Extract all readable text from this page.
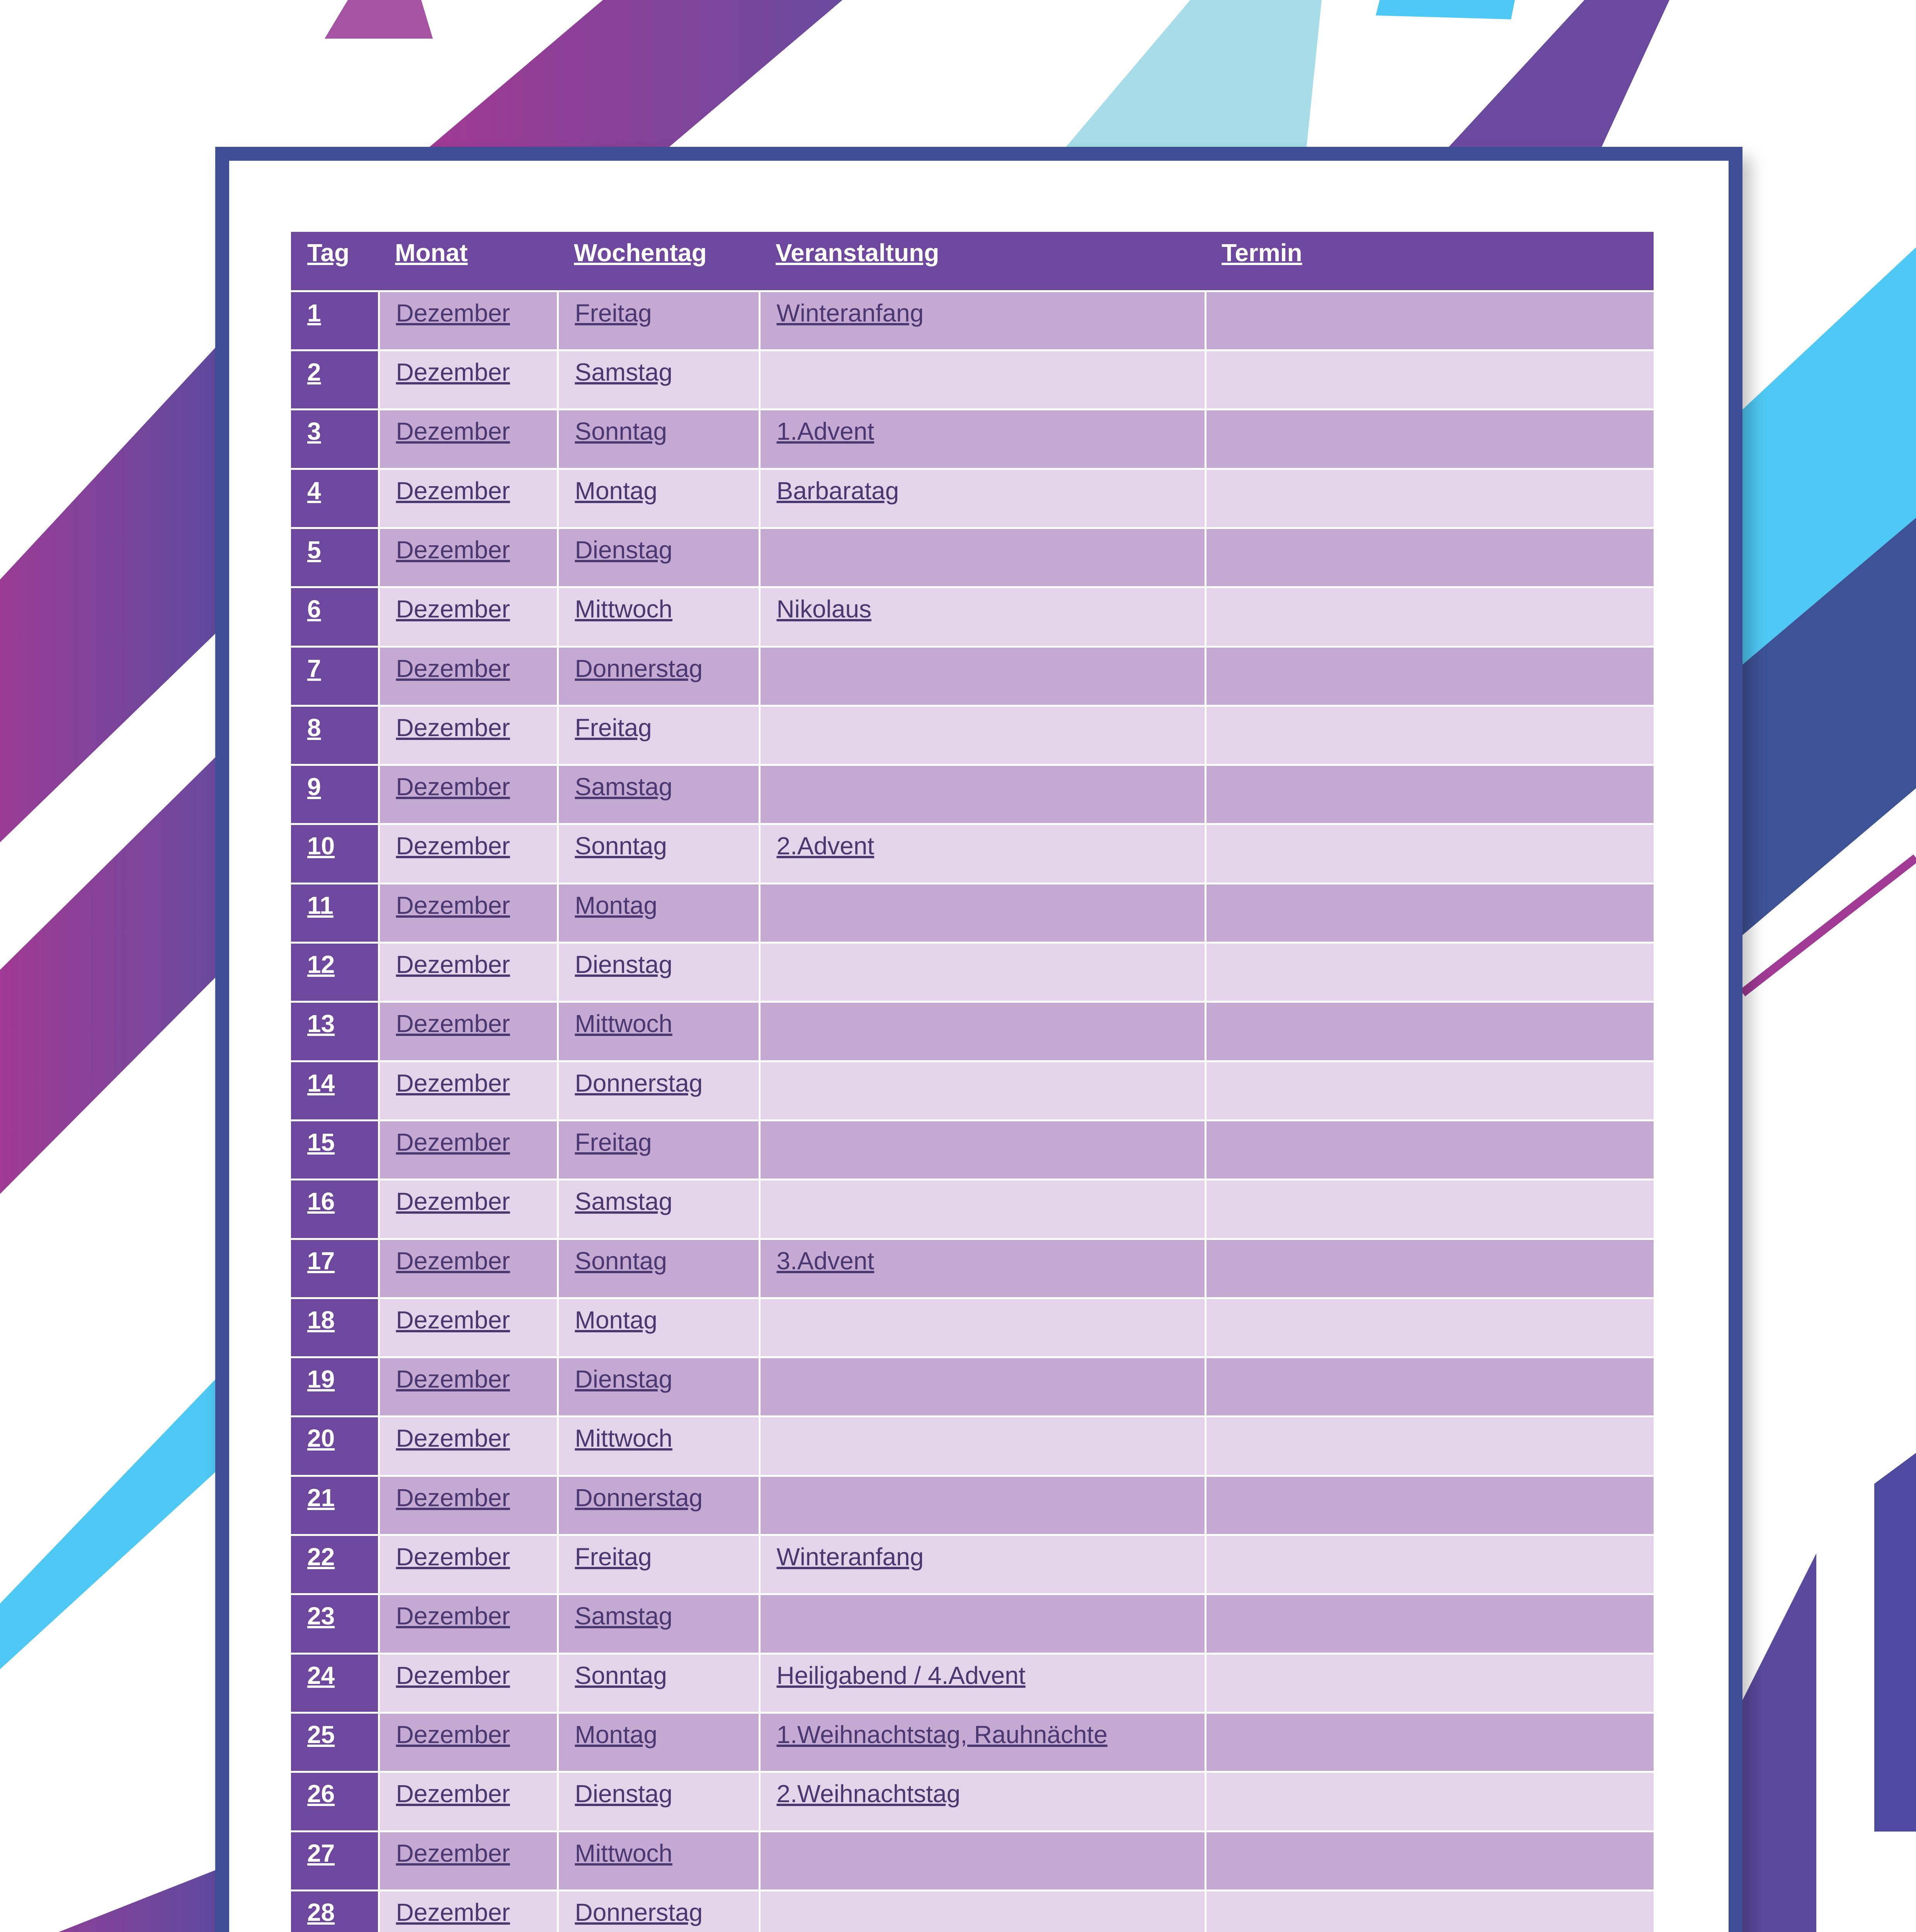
Tag	Monat	Wochentag	Veranstaltung	Termin
1	Dezember	Freitag	Winteranfang	
2	Dezember	Samstag		
3	Dezember	Sonntag	1.Advent	
4	Dezember	Montag	Barbaratag	
5	Dezember	Dienstag		
6	Dezember	Mittwoch	Nikolaus	
7	Dezember	Donnerstag		
8	Dezember	Freitag		
9	Dezember	Samstag		
10	Dezember	Sonntag	2.Advent	
11	Dezember	Montag		
12	Dezember	Dienstag		
13	Dezember	Mittwoch		
14	Dezember	Donnerstag		
15	Dezember	Freitag		
16	Dezember	Samstag		
17	Dezember	Sonntag	3.Advent	
18	Dezember	Montag		
19	Dezember	Dienstag		
20	Dezember	Mittwoch		
21	Dezember	Donnerstag		
22	Dezember	Freitag	Winteranfang	
23	Dezember	Samstag		
24	Dezember	Sonntag	Heiligabend / 4.Advent	
25	Dezember	Montag	1.Weihnachtstag, Rauhnächte	
26	Dezember	Dienstag	2.Weihnachtstag	
27	Dezember	Mittwoch		
28	Dezember	Donnerstag		
